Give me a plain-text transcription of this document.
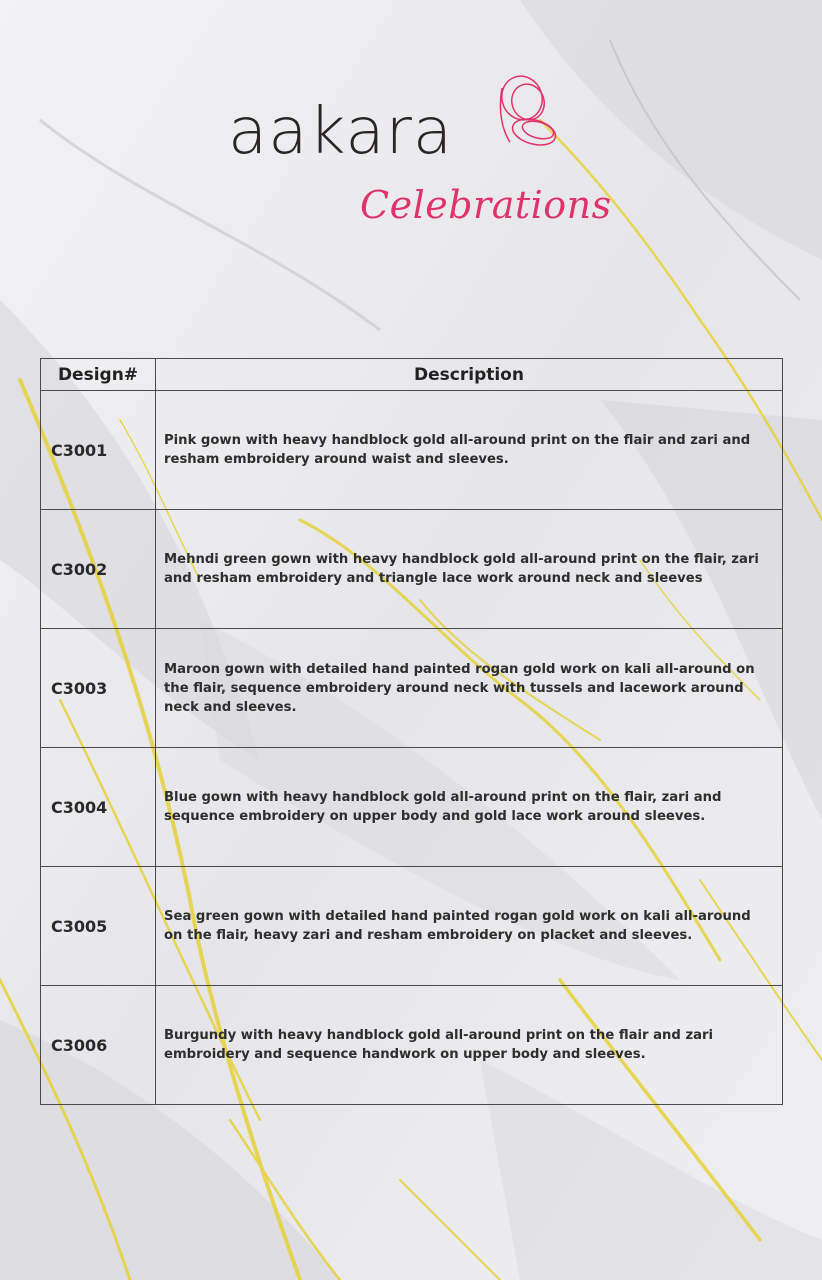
aakara
Celebrations
Design#	Description
C3001	Pink gown with heavy handblock gold all-around print on the flair and zari and resham embroidery around waist and sleeves.
C3002	Mehndi green gown with heavy handblock gold all-around print on the flair, zari and resham embroidery and triangle lace work around neck and sleeves
C3003	Maroon gown with detailed hand painted rogan gold work on kali all-around on the flair, sequence embroidery around neck with tussels and lacework around neck and sleeves.
C3004	Blue gown with heavy handblock gold all-around print on the flair, zari and sequence embroidery on upper body and gold lace work around sleeves.
C3005	Sea green gown with detailed hand painted rogan gold work on kali all-around on the flair, heavy zari and resham embroidery on placket and sleeves.
C3006	Burgundy with heavy handblock gold all-around print on the flair and zari embroidery and sequence handwork on upper body and sleeves.
